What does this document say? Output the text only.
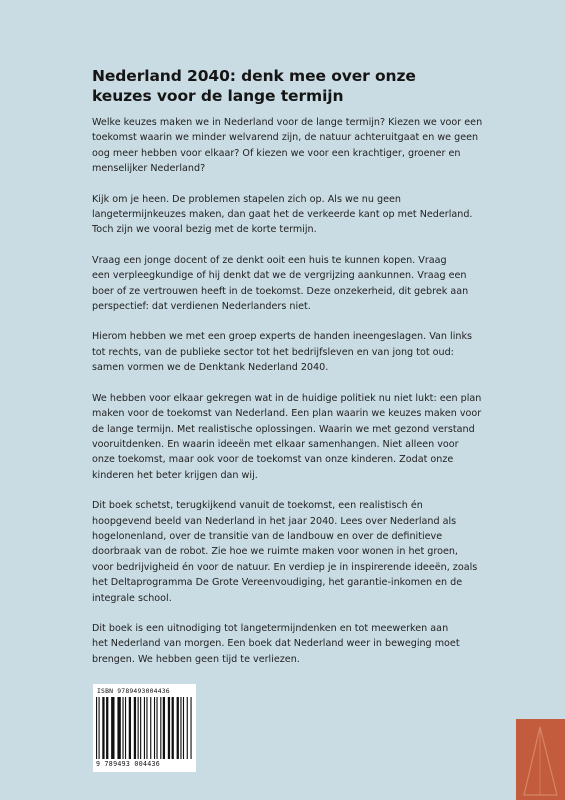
Nederland 2040: denk mee over onze
keuzes voor de lange termijn

Welke keuzes maken we in Nederland voor de lange termijn? Kiezen we voor een
toekomst waarin we minder welvarend zijn, de natuur achteruitgaat en we geen
oog meer hebben voor elkaar? Of kiezen we voor een krachtiger, groener en
menselijker Nederland?

Kijk om je heen. De problemen stapelen zich op. Als we nu geen
langetermijnkeuzes maken, dan gaat het de verkeerde kant op met Nederland.
Toch zijn we vooral bezig met de korte termijn.

Vraag een jonge docent of ze denkt ooit een huis te kunnen kopen. Vraag
een verpleegkundige of hij denkt dat we de vergrijzing aankunnen. Vraag een
boer of ze vertrouwen heeft in de toekomst. Deze onzekerheid, dit gebrek aan
perspectief: dat verdienen Nederlanders niet.

Hierom hebben we met een groep experts de handen ineengeslagen. Van links
tot rechts, van de publieke sector tot het bedrijfsleven en van jong tot oud:
samen vormen we de Denktank Nederland 2040.

We hebben voor elkaar gekregen wat in de huidige politiek nu niet lukt: een plan
maken voor de toekomst van Nederland. Een plan waarin we keuzes maken voor
de lange termijn. Met realistische oplossingen. Waarin we met gezond verstand
vooruitdenken. En waarin ideeën met elkaar samenhangen. Niet alleen voor
onze toekomst, maar ook voor de toekomst van onze kinderen. Zodat onze
kinderen het beter krijgen dan wij.

Dit boek schetst, terugkijkend vanuit de toekomst, een realistisch én
hoopgevend beeld van Nederland in het jaar 2040. Lees over Nederland als
hogelonenland, over de transitie van de landbouw en over de definitieve
doorbraak van de robot. Zie hoe we ruimte maken voor wonen in het groen,
voor bedrijvigheid én voor de natuur. En verdiep je in inspirerende ideeën, zoals
het Deltaprogramma De Grote Vereenvoudiging, het garantie-inkomen en de
integrale school.

Dit boek is een uitnodiging tot langetermijndenken en tot meewerken aan
het Nederland van morgen. Een boek dat Nederland weer in beweging moet
brengen. We hebben geen tijd te verliezen.

ISBN 9789493004436
9 789493 004436
